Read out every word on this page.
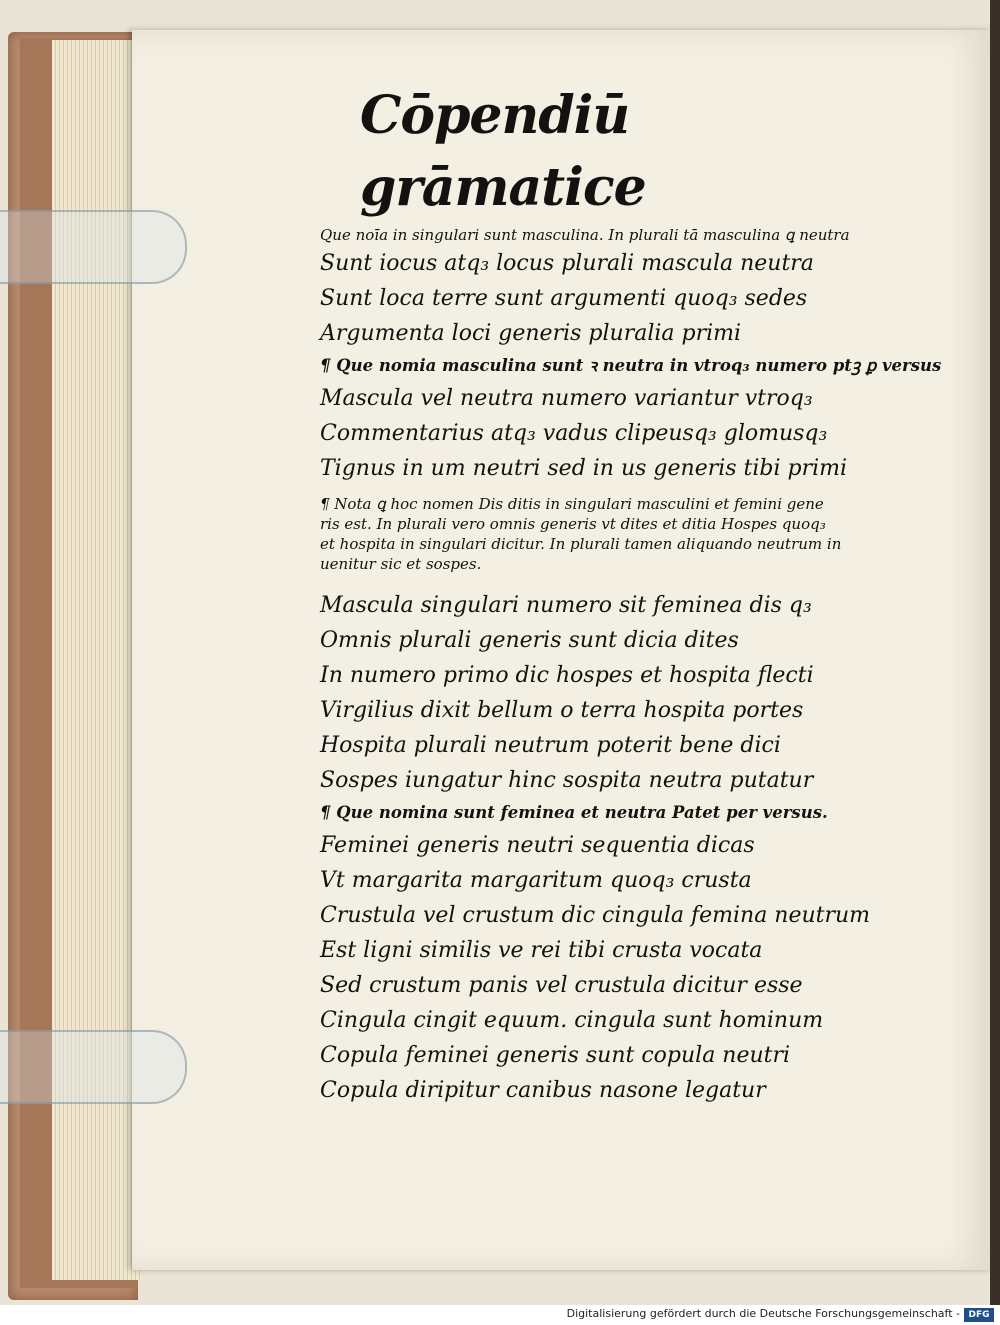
Cōpendiū grāmatice
Que noīa in singulari sunt masculina. In plurali tā masculina ꝗ neutra
Sunt iocus atq₃ locus plurali mascula neutra
Sunt loca terre sunt argumenti quoq₃ sedes
Argumenta loci generis pluralia primi
¶ Que nomia masculina sunt ꝛ neutra in vtroq₃ numero ptꝫ ꝑ versus
Mascula vel neutra numero variantur vtroq₃
Commentarius atq₃ vadus clipeusq₃ glomusq₃
Tignus in um neutri sed in us generis tibi primi
¶ Nota ꝗ hoc nomen Dis ditis in singulari masculini et femini gene
ris est. In plurali vero omnis generis vt dites et ditia Hospes quoq₃
et hospita in singulari dicitur. In plurali tamen aliquando neutrum in
uenitur sic et sospes.
Mascula singulari numero sit feminea dis q₃
Omnis plurali generis sunt dicia dites
In numero primo dic hospes et hospita flecti
Virgilius dixit bellum o terra hospita portes
Hospita plurali neutrum poterit bene dici
Sospes iungatur hinc sospita neutra putatur
¶ Que nomina sunt feminea et neutra Patet per versus.
Feminei generis neutri sequentia dicas
Vt margarita margaritum quoq₃ crusta
Crustula vel crustum dic cingula femina neutrum
Est ligni similis ve rei tibi crusta vocata
Sed crustum panis vel crustula dicitur esse
Cingula cingit equum. cingula sunt hominum
Copula feminei generis sunt copula neutri
Copula diripitur canibus nasone legatur
Digitalisierung gefördert durch die Deutsche Forschungsgemeinschaft - DFG
